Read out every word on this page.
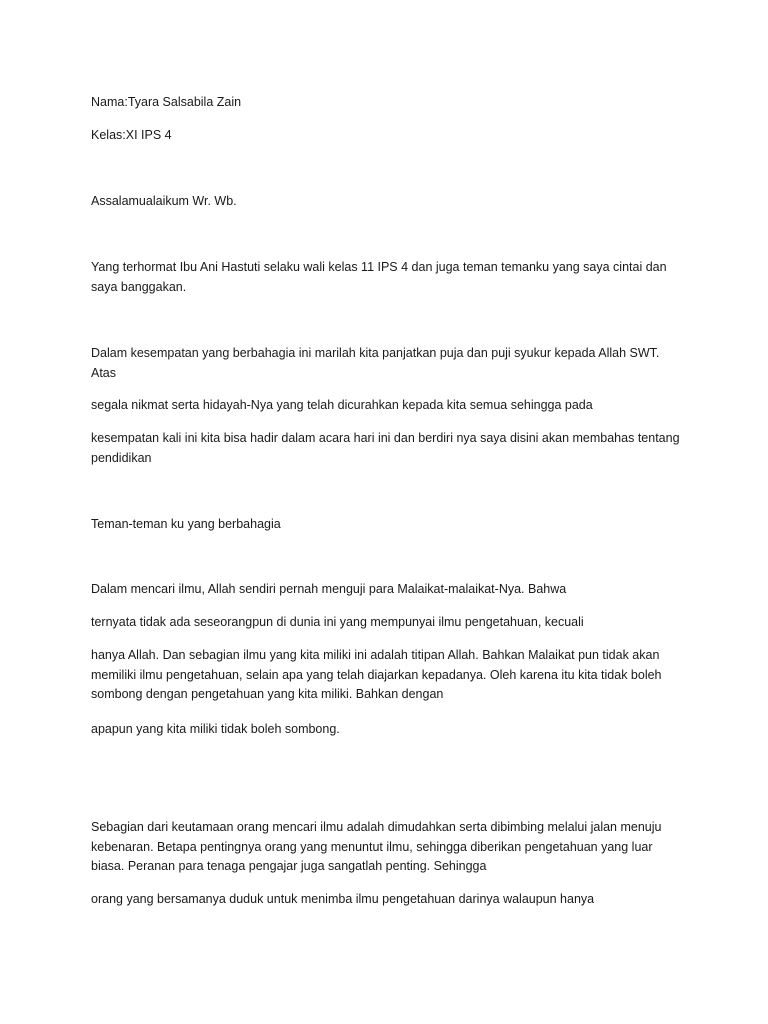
Nama:Tyara Salsabila Zain

Kelas:XI IPS 4

Assalamualaikum Wr. Wb.

Yang terhormat Ibu Ani Hastuti selaku wali kelas 11 IPS 4 dan juga teman temanku yang saya cintai dan saya banggakan.

Dalam kesempatan yang berbahagia ini marilah kita panjatkan puja dan puji syukur kepada Allah SWT. Atas

segala nikmat serta hidayah-Nya yang telah dicurahkan kepada kita semua sehingga pada

kesempatan kali ini kita bisa hadir dalam acara hari ini dan berdiri nya saya disini akan membahas tentang pendidikan

Teman-teman ku yang berbahagia

Dalam mencari ilmu, Allah sendiri pernah menguji para Malaikat-malaikat-Nya. Bahwa

ternyata tidak ada seseorangpun di dunia ini yang mempunyai ilmu pengetahuan, kecuali

hanya Allah. Dan sebagian ilmu yang kita miliki ini adalah titipan Allah. Bahkan Malaikat pun tidak akan memiliki ilmu pengetahuan, selain apa yang telah diajarkan kepadanya. Oleh karena itu kita tidak boleh sombong dengan pengetahuan yang kita miliki. Bahkan dengan

apapun yang kita miliki tidak boleh sombong.

Sebagian dari keutamaan orang mencari ilmu adalah dimudahkan serta dibimbing melalui jalan menuju kebenaran. Betapa pentingnya orang yang menuntut ilmu, sehingga diberikan pengetahuan yang luar biasa. Peranan para tenaga pengajar juga sangatlah penting. Sehingga

orang yang bersamanya duduk untuk menimba ilmu pengetahuan darinya walaupun hanya
